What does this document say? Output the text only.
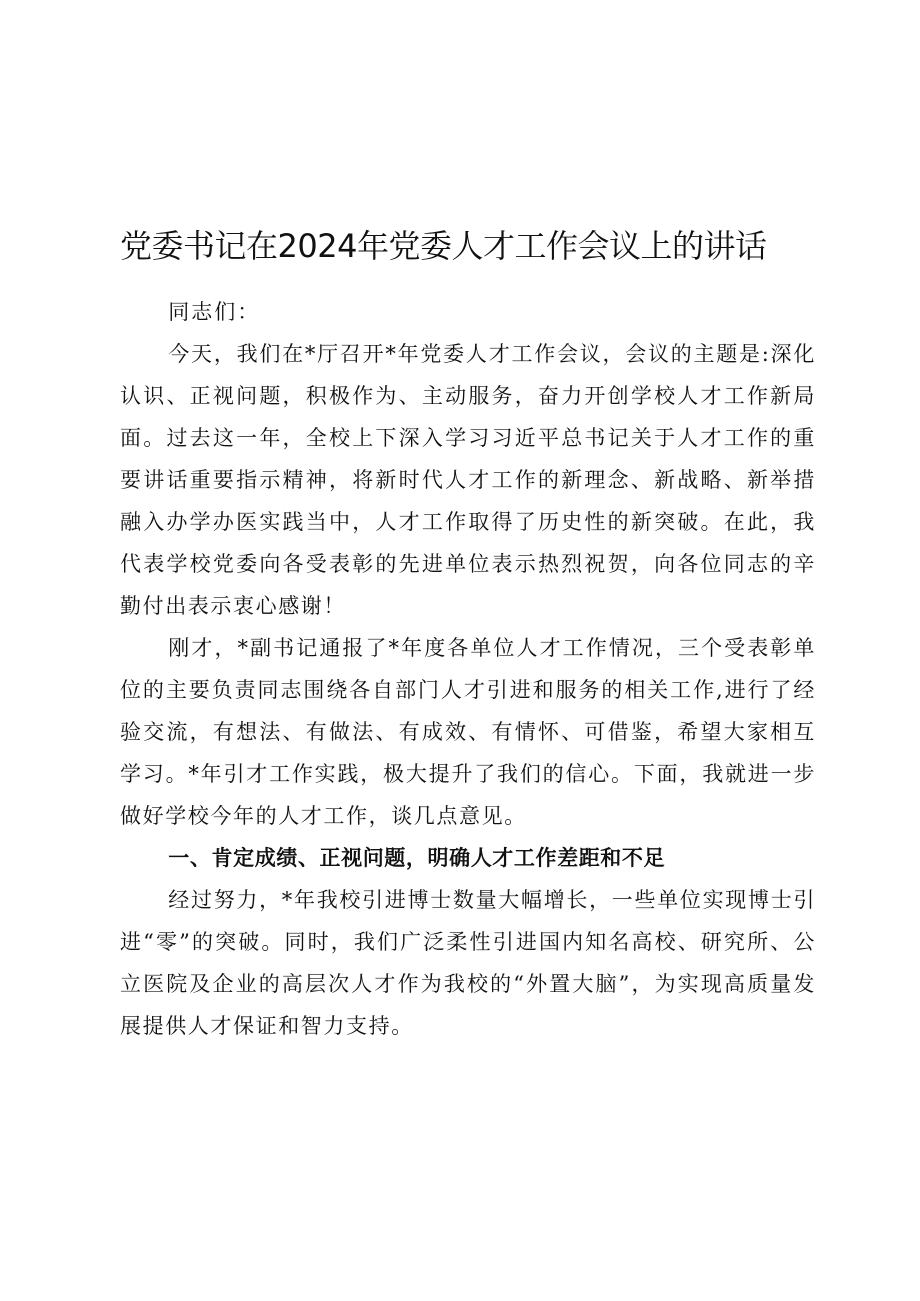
党委书记在2024年党委人才工作会议上的讲话

同志们：

今天，我们在*厅召开*年党委人才工作会议，会议的主题是:深化认识、正视问题，积极作为、主动服务，奋力开创学校人才工作新局面。过去这一年，全校上下深入学习习近平总书记关于人才工作的重要讲话重要指示精神，将新时代人才工作的新理念、新战略、新举措融入办学办医实践当中，人才工作取得了历史性的新突破。在此，我代表学校党委向各受表彰的先进单位表示热烈祝贺，向各位同志的辛勤付出表示衷心感谢！

刚才，*副书记通报了*年度各单位人才工作情况，三个受表彰单位的主要负责同志围绕各自部门人才引进和服务的相关工作,进行了经验交流，有想法、有做法、有成效、有情怀、可借鉴，希望大家相互学习。*年引才工作实践，极大提升了我们的信心。下面，我就进一步做好学校今年的人才工作，谈几点意见。

一、肯定成绩、正视问题，明确人才工作差距和不足

经过努力，*年我校引进博士数量大幅增长，一些单位实现博士引进“零”的突破。同时，我们广泛柔性引进国内知名高校、研究所、公立医院及企业的高层次人才作为我校的“外置大脑”，为实现高质量发展提供人才保证和智力支持。
